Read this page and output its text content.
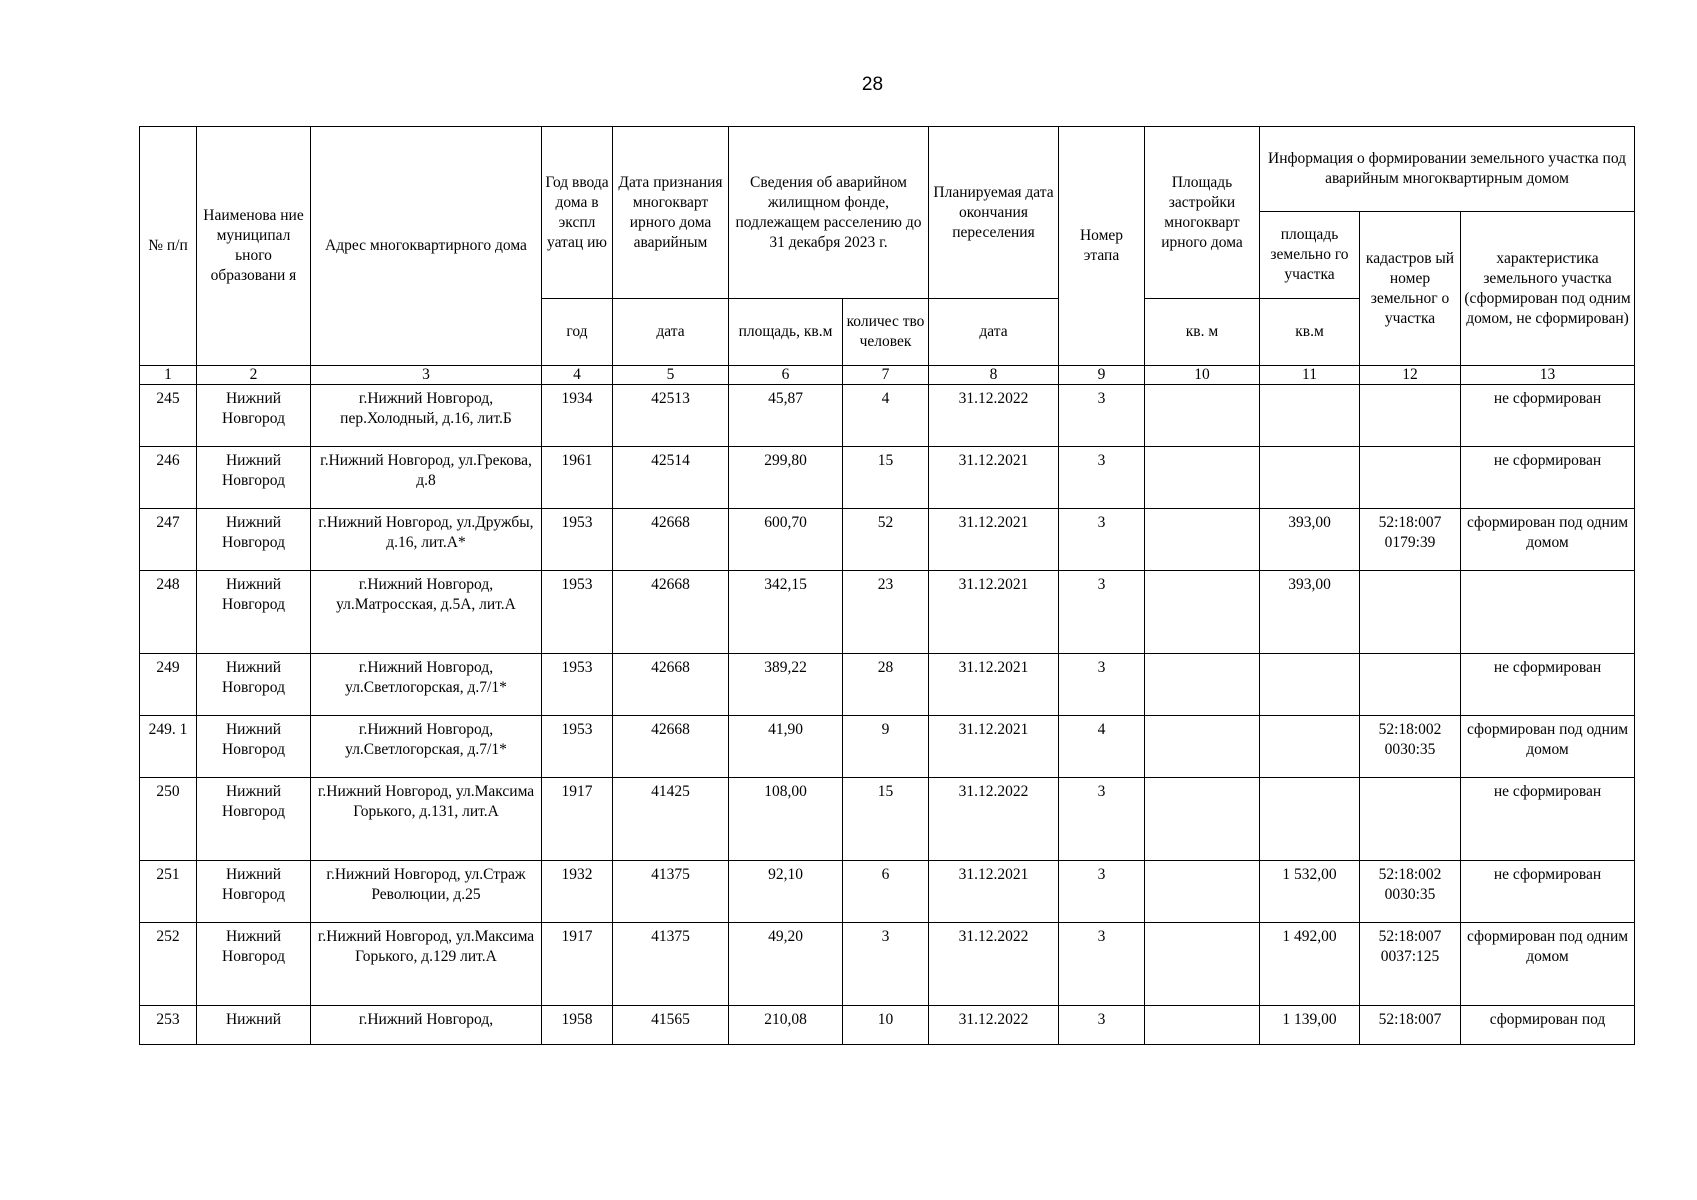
28
№ п/п	Наименова ние муниципал ьного образовани я	Адрес многоквартирного дома	Год ввода дома в экспл уатац ию	Дата признания многокварт ирного дома аварийным	Сведения об аварийном жилищном фонде, подлежащем расселению до 31 декабря 2023 г.		Планируемая дата окончания переселения	Номер этапа	Площадь застройки многокварт ирного дома	Информация о формировании земельного участка под аварийным многоквартирным домом		
										площадь земельно го участка	кадастров ый номер земельног о участка	характеристика земельного участка (сформирован под одним домом, не сформирован)
			год	дата	площадь, кв.м	количес тво человек	дата		кв. м	кв.м		
1	2	3	4	5	6	7	8	9	10	11	12	13
245	Нижний Новгород	г.Нижний Новгород, пер.Холодный, д.16, лит.Б	1934	42513	45,87	4	31.12.2022	3				не сформирован
246	Нижний Новгород	г.Нижний Новгород, ул.Грекова, д.8	1961	42514	299,80	15	31.12.2021	3				не сформирован
247	Нижний Новгород	г.Нижний Новгород, ул.Дружбы, д.16, лит.А*	1953	42668	600,70	52	31.12.2021	3		393,00	52:18:007 0179:39	сформирован под одним домом
248	Нижний Новгород	г.Нижний Новгород, ул.Матросская, д.5А, лит.А	1953	42668	342,15	23	31.12.2021	3		393,00		
249	Нижний Новгород	г.Нижний Новгород, ул.Светлогорская, д.7/1*	1953	42668	389,22	28	31.12.2021	3				не сформирован
249. 1	Нижний Новгород	г.Нижний Новгород, ул.Светлогорская, д.7/1*	1953	42668	41,90	9	31.12.2021	4			52:18:002 0030:35	сформирован под одним домом
250	Нижний Новгород	г.Нижний Новгород, ул.Максима Горького, д.131, лит.А	1917	41425	108,00	15	31.12.2022	3				не сформирован
251	Нижний Новгород	г.Нижний Новгород, ул.Страж Революции, д.25	1932	41375	92,10	6	31.12.2021	3		1 532,00	52:18:002 0030:35	не сформирован
252	Нижний Новгород	г.Нижний Новгород, ул.Максима Горького, д.129 лит.А	1917	41375	49,20	3	31.12.2022	3		1 492,00	52:18:007 0037:125	сформирован под одним домом
253	Нижний	г.Нижний Новгород,	1958	41565	210,08	10	31.12.2022	3		1 139,00	52:18:007	сформирован под
